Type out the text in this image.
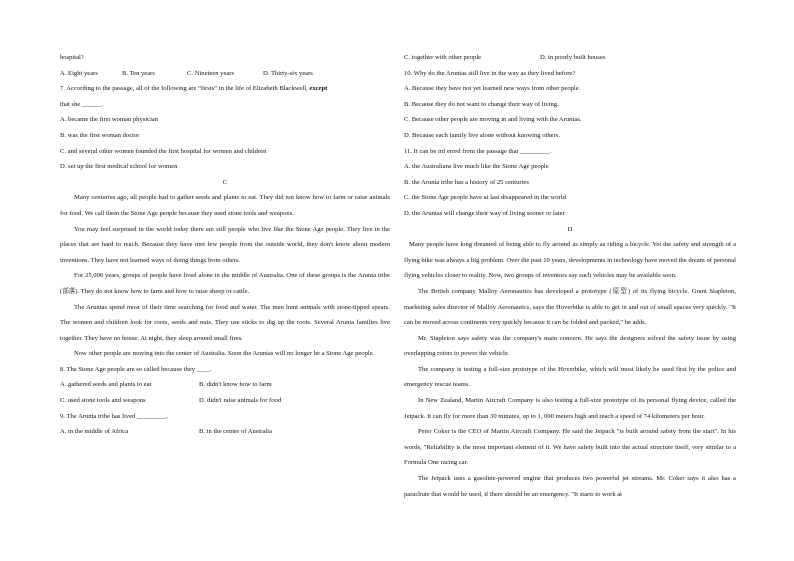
hospital?
A. Eight years	B. Ten years	C. Nineteen years	D. Thirty-six years
7. According to the passage, all of the following are “firsts” in the life of Elizabeth Blackwell, except
that she ______.
A. became the first woman physician
B. was the first woman doctor
C. and several other women founded the first hospital for women and children
D. set up the first medical school for women
C
Many centuries ago, all people had to gather seeds and plants to eat. They did not know how to farm or raise animals for food. We call them the Stone Age people because they used stone tools and weapons.
You may feel surprised in the world today there are still people who live like the Stone Age people. They live in the places that are hard to reach. Because they have met few people from the outside world, they don't know about modern inventions. They have not learned ways of doing things from others.
For 25,000 years, groups of people have lived alone in the middle of Australia. One of these groups is the Arunta tribe (部落). They do not know how to farm and how to raise sheep or cattle.
The Aruntas spend most of their time searching for food and water. The men hunt animals with stone-tipped spears. The women and children look for roots, seeds and nuts. They use sticks to dig up the roots. Several Arunta families live together. They have no house. At night, they sleep around small fires.
Now other people are moving into the center of Australia. Soon the Aruntas will no longer be a Stone Age people.
8. The Stone Age people are so called because they ____.
A. gathered seeds and plants to eat	B. didn't know how to farm
C. used stone tools and weapons	D. didn't raise animals for food
9. The Arunta tribe has lived _________.
A. in the middle of Africa	B. in the center of Australia
C. together with other people	D. in poorly built houses
10. Why do the Aruntas still live in the way as they lived before?
A. Because they have not yet learned new ways from other people.
B. Because they do not want to change their way of living.
C. Because other people are moving in and living with the Aruntas.
D. Because each family live alone without knowing others.
11. It can be inf erred from the passage that _________.
A. the Australians live much like the Stone Age people
B. the Arunta tribe has a history of 25 centuries
C. the Stone Age people have at last disappeared in the world
D. the Aruntas will change their way of living sooner or later
D
Many people have long dreamed of being able to fly around as simply as riding a bicycle. Yet the safety and strength of a flying bike was always a big problem. Over the past 10 years, developments in technology have moved the dream of personal flying vehicles closer to reality. Now, two groups of inventors say such vehicles may be available soon.
The British company Malloy Aeronautics has developed a prototype (原型) of its flying bicycle. Grant Stapleton, marketing sales director of Malloy Aeronautics, says the Hoverbike is able to get in and out of small spaces very quickly. "It can be moved across continents very quickly because it can be folded and packed," he adds.
Mr. Stapleton says safety was the company's main concern. He says the designers solved the safety issue by using overlapping rotors to power the vehicle.
The company is testing a full-size prototype of the Hoverbike, which will most likely be used first by the police and emergency rescue teams.
In New Zealand, Martin Aircraft Company is also testing a full-size prototype of its personal flying device, called the Jetpack. It can fly for more than 30 minutes, up to 1, 000 meters high and reach a speed of 74 kilometers per hour.
Peter Coker is the CEO of Martin Aircraft Company. He said the Jetpack "is built around safety from the start". In his words, "Reliability is the most important element of it. We have safety built into the actual structure itself, very similar to a Formula One racing car.
The Jetpack uses a gasoline-powered engine that produces two powerful jet streams. Mr. Coker says it also has a parachute that would be used, if there should be an emergency. "It starts to work at
